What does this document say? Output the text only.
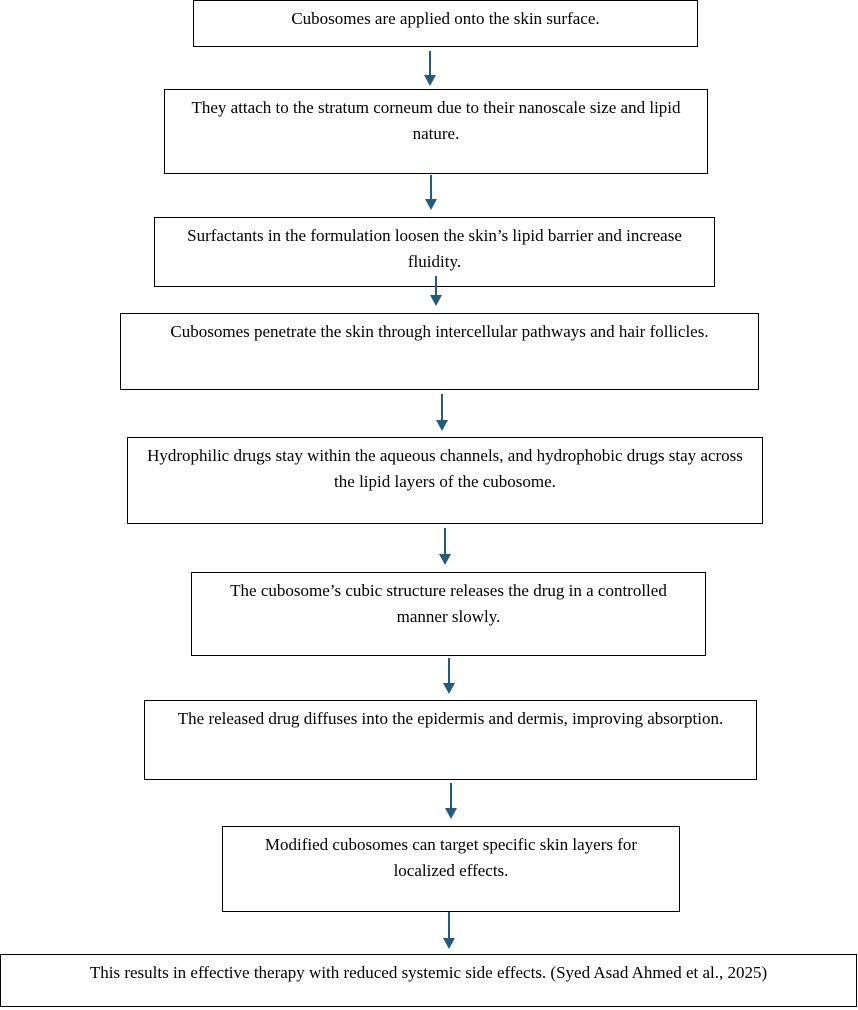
Cubosomes are applied onto the skin surface.
They attach to the stratum corneum due to their nanoscale size and lipid nature.
Surfactants in the formulation loosen the skin’s lipid barrier and increase fluidity.
Cubosomes penetrate the skin through intercellular pathways and hair follicles.
Hydrophilic drugs stay within the aqueous channels, and hydrophobic drugs stay across the lipid layers of the cubosome.
The cubosome’s cubic structure releases the drug in a controlled manner slowly.
The released drug diffuses into the epidermis and dermis, improving absorption.
Modified cubosomes can target specific skin layers for localized effects.
This results in effective therapy with reduced systemic side effects. (Syed Asad Ahmed et al., 2025)
